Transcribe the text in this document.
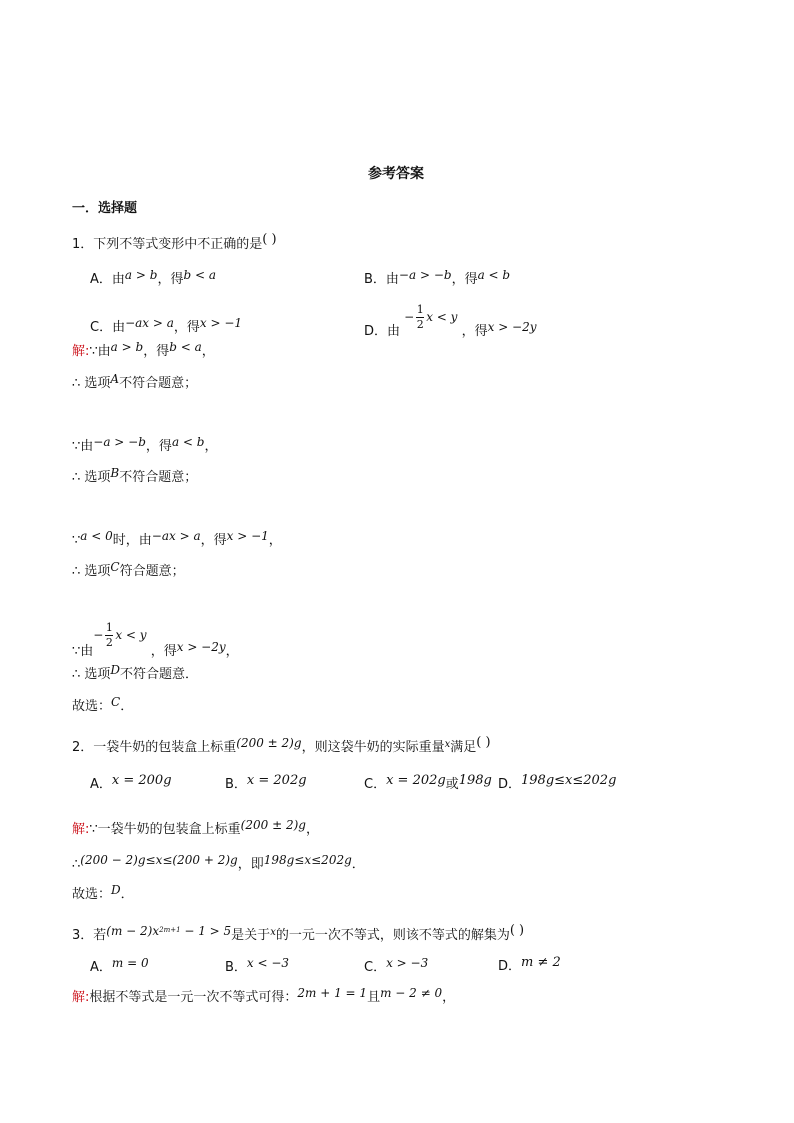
参考答案
一．选择题
1．下列不等式变形中不正确的是( )
A．由a > b，得b < a	B．由−a > −b，得a < b
C．由−ax > a，得x > −1
D．由 − $\frac{1}{2}$ x < y ，得x > −2y
解:∵由a > b，得b < a，
∴ 选项A不符合题意；
∵由−a > −b，得a < b，
∴ 选项B不符合题意；
∵a < 0时，由−ax > a，得x > −1，
∴ 选项C符合题意；
∵由− $\frac{1}{2}$ x < y ，得x > −2y，
∴ 选项D不符合题意．
故选：C．
2．一袋牛奶的包装盒上标重(200 ± 2)g，则这袋牛奶的实际重量$^x$满足( )
A．x = 200g	B．x = 202g	C．x = 202g或198g D．198g≤x≤202g
解:∵一袋牛奶的包装盒上标重(200 ± 2)g，
∴(200 − 2)g≤x≤(200 + 2)g，即198g≤x≤202g．
故选：D．
3．若$(m - 2)x^{2m+1} - 1 > 5$是关于$^x$的一元一次不等式，则该不等式的解集为( )
A．m = 0	B．x < −3	C．x > −3	D．m ≠ 2
解:根据不等式是一元一次不等式可得：2m + 1 = 1且m − 2 ≠ 0，
